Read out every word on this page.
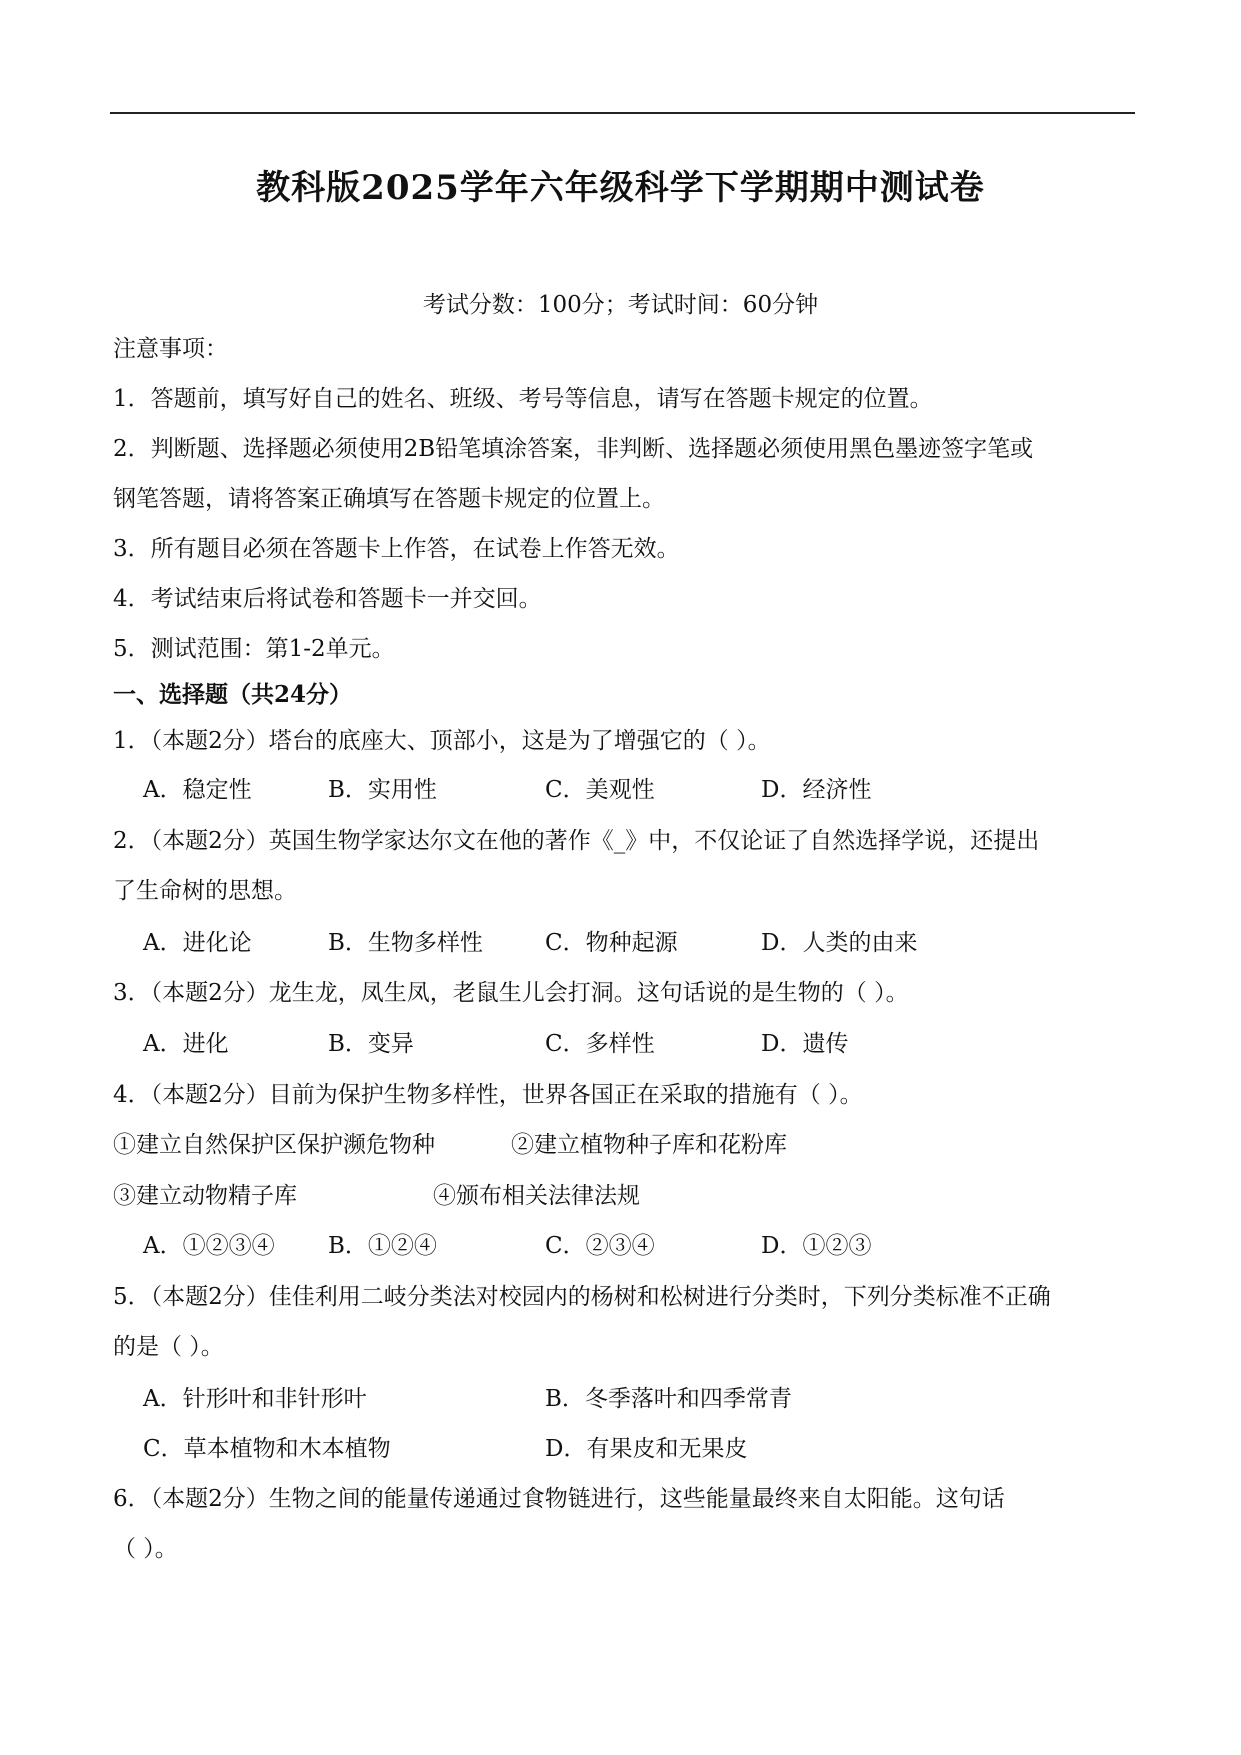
教科版2025学年六年级科学下学期期中测试卷
考试分数：100分；考试时间：60分钟
注意事项：
1．答题前，填写好自己的姓名、班级、考号等信息，请写在答题卡规定的位置。
2．判断题、选择题必须使用2B铅笔填涂答案，非判断、选择题必须使用黑色墨迹签字笔或
钢笔答题，请将答案正确填写在答题卡规定的位置上。
3．所有题目必须在答题卡上作答，在试卷上作答无效。
4．考试结束后将试卷和答题卡一并交回。
5．测试范围：第1-2单元。
一、选择题（共24分）
1．（本题2分）塔台的底座大、顶部小，这是为了增强它的（ ）。
A．稳定性	B．实用性	C．美观性	D．经济性
2．（本题2分）英国生物学家达尔文在他的著作《_》中，不仅论证了自然选择学说，还提出
了生命树的思想。
A．进化论	B．生物多样性	C．物种起源	D．人类的由来
3．（本题2分）龙生龙，凤生凤，老鼠生儿会打洞。这句话说的是生物的（ ）。
A．进化	B．变异	C．多样性	D．遗传
4．（本题2分）目前为保护生物多样性，世界各国正在采取的措施有（ ）。
①建立自然保护区保护濒危物种	②建立植物种子库和花粉库
③建立动物精子库	④颁布相关法律法规
A．①②③④ B．①②④	C．②③④	D．①②③
5．（本题2分）佳佳利用二岐分类法对校园内的杨树和松树进行分类时，下列分类标准不正确
的是（ ）。
A．针形叶和非针形叶	B．冬季落叶和四季常青
C．草本植物和木本植物	D．有果皮和无果皮
6．（本题2分）生物之间的能量传递通过食物链进行，这些能量最终来自太阳能。这句话
（ ）。
